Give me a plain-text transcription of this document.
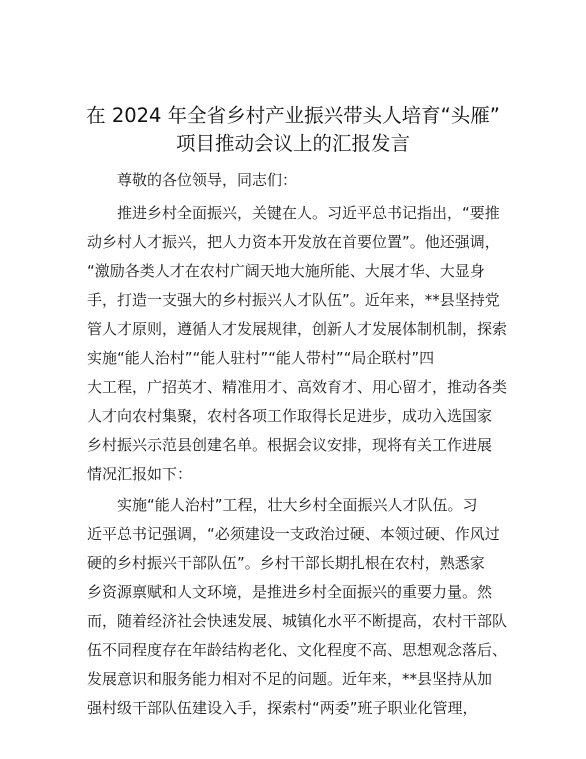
在 2024 年全省乡村产业振兴带头人培育“头雁”
项目推动会议上的汇报发言
尊敬的各位领导，同志们：
推进乡村全面振兴，关键在人。习近平总书记指出，“要推
动乡村人才振兴，把人力资本开发放在首要位置”。他还强调，
“激励各类人才在农村广阔天地大施所能、大展才华、大显身
手，打造一支强大的乡村振兴人才队伍”。近年来，**县坚持党
管人才原则，遵循人才发展规律，创新人才发展体制机制，探索
实施“能人治村”“能人驻村”“能人带村”“局企联村”四
大工程，广招英才、精准用才、高效育才、用心留才，推动各类
人才向农村集聚，农村各项工作取得长足进步，成功入选国家
乡村振兴示范县创建名单。根据会议安排，现将有关工作进展
情况汇报如下：
实施“能人治村”工程，壮大乡村全面振兴人才队伍。习
近平总书记强调，“必须建设一支政治过硬、本领过硬、作风过
硬的乡村振兴干部队伍”。乡村干部长期扎根在农村，熟悉家
乡资源禀赋和人文环境，是推进乡村全面振兴的重要力量。然
而，随着经济社会快速发展、城镇化水平不断提高，农村干部队
伍不同程度存在年龄结构老化、文化程度不高、思想观念落后、
发展意识和服务能力相对不足的问题。近年来，**县坚持从加
强村级干部队伍建设入手，探索村“两委”班子职业化管理，
